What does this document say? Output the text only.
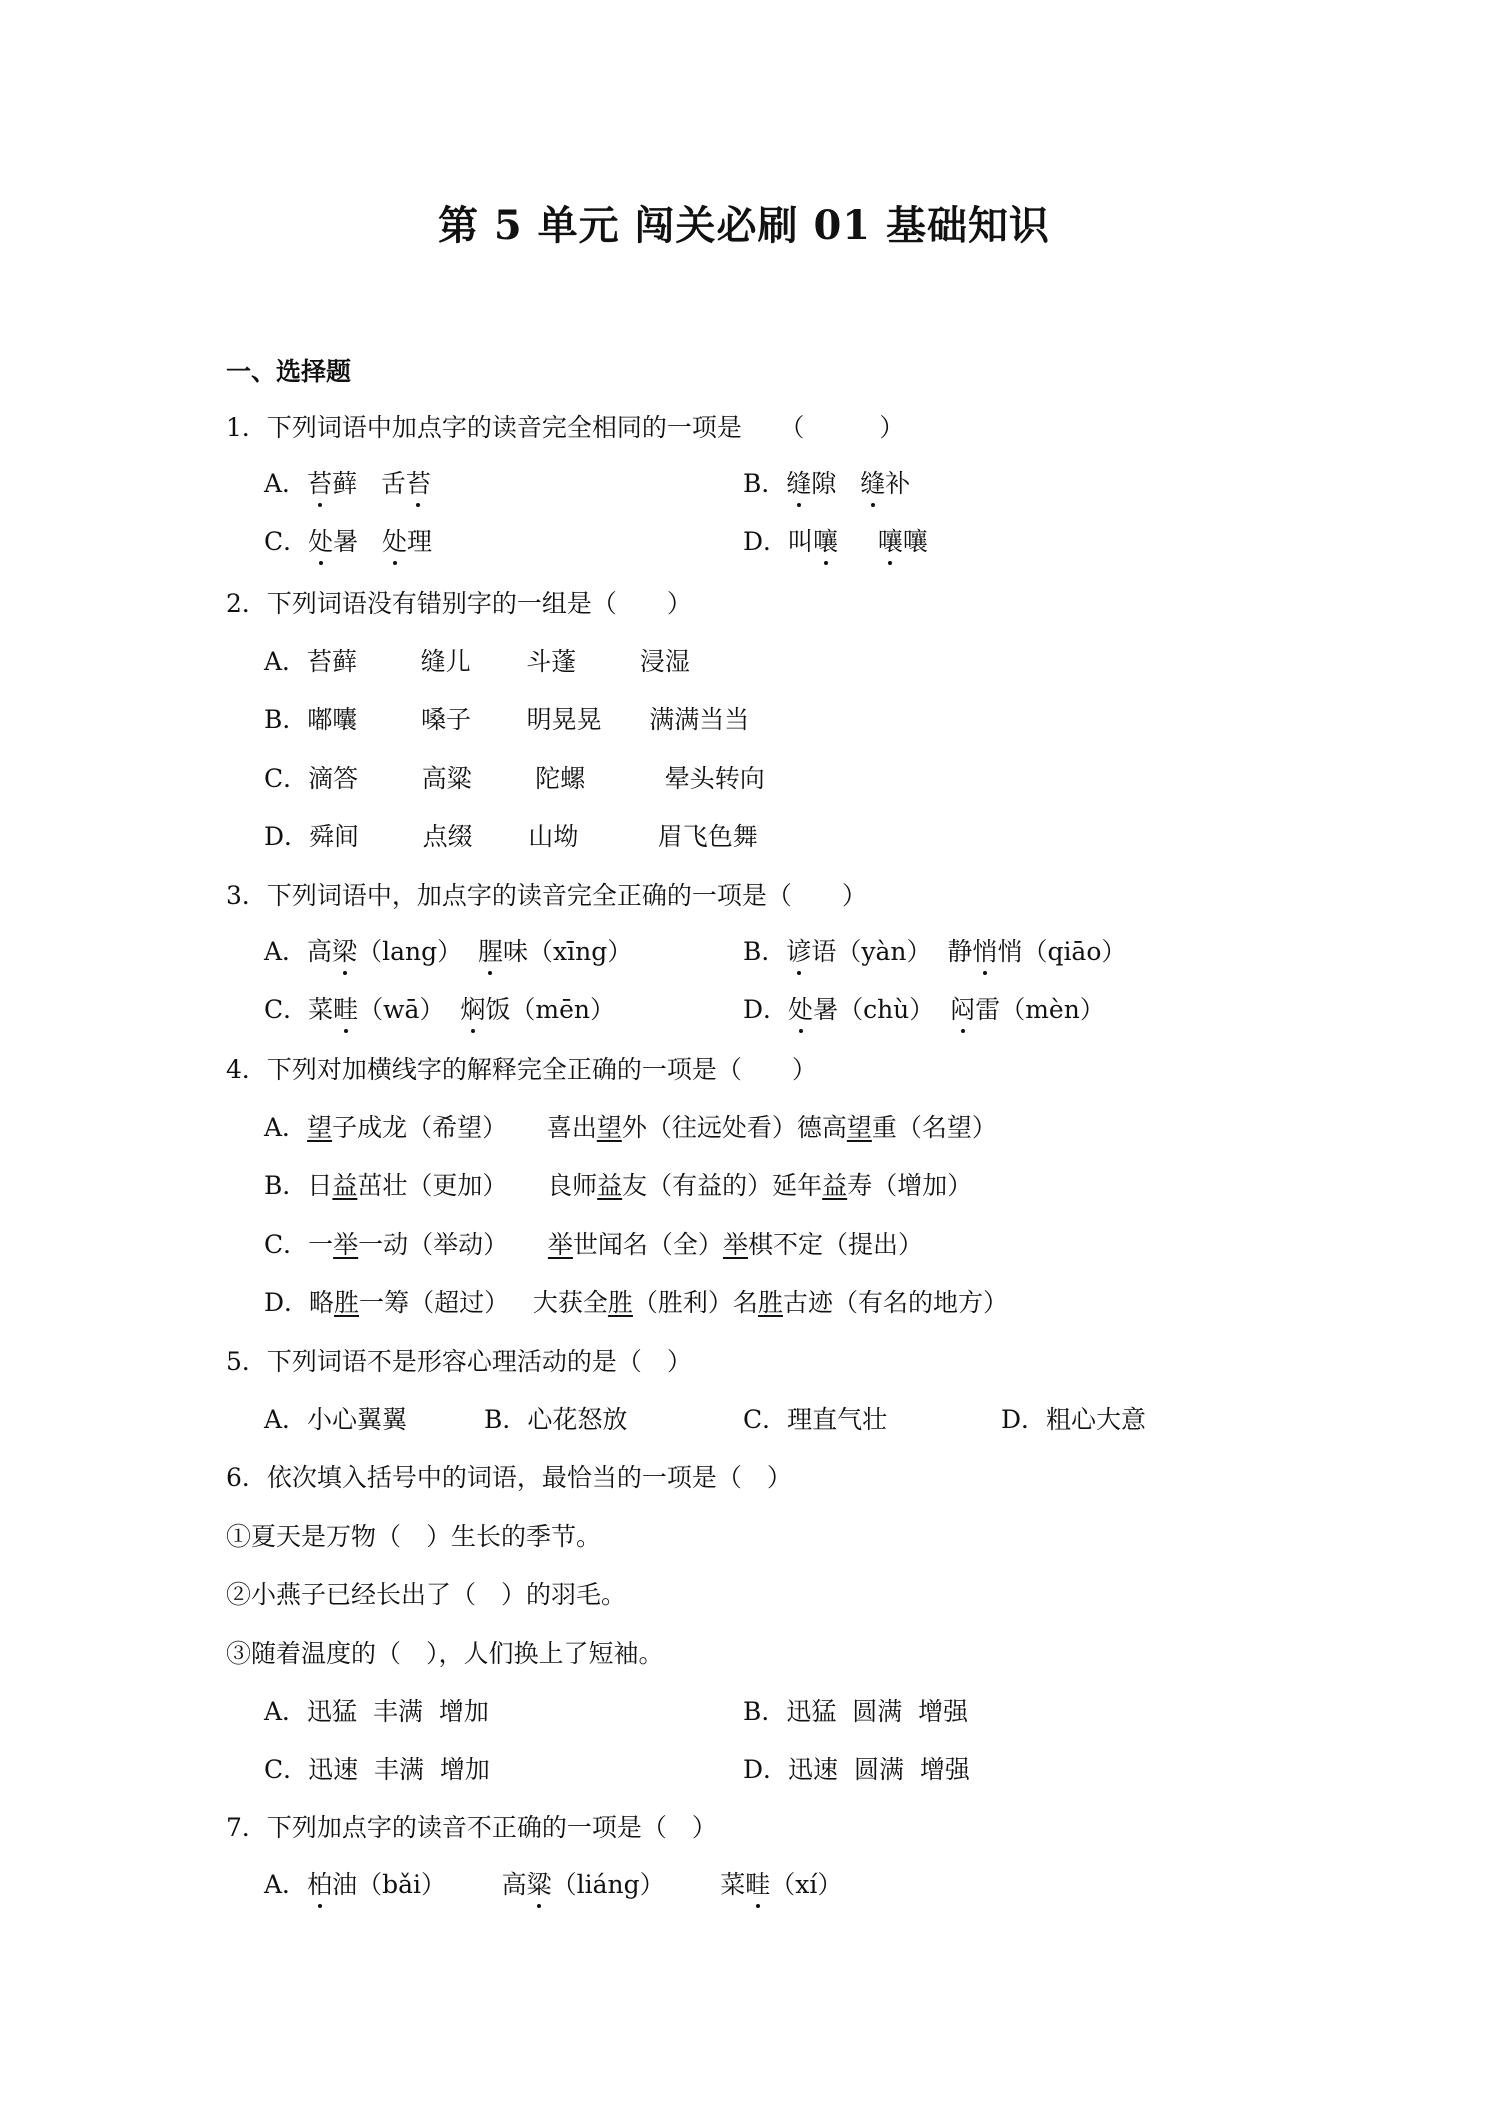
第 5 单元 闯关必刷 01 基础知识
一、选择题
1．下列词语中加点字的读音完全相同的一项是　　（　　　）
A．苔藓   舌苔	B．缝隙   缝补
C．处暑   处理	D．叫嚷 嚷嚷
2．下列词语没有错别字的一组是（　　）
A．苔藓        缝儿       斗蓬        浸湿
B．嘟囔        嗓子       明晃晃      满满当当
C．滴答        高粱        陀螺          晕头转向
D．舜间        点缀       山坳          眉飞色舞
3．下列词语中，加点字的读音完全正确的一项是（　　）
A．高梁（lang）  腥味（xīng）	B．谚语（yàn）  静悄悄（qiāo）
C．菜畦（wā）  焖饭（mēn）	D．处暑（chù）  闷雷（mèn）
4．下列对加横线字的解释完全正确的一项是（　　）
A．望子成龙（希望）     喜出望外（往远处看）德高望重（名望）
B．日益茁壮（更加）     良师益友（有益的）延年益寿（增加）
C．一举一动（举动）     举世闻名（全）举棋不定（提出）
D．略胜一筹（超过）   大获全胜（胜利）名胜古迹（有名的地方）
5．下列词语不是形容心理活动的是（　）
A．小心翼翼	B．心花怒放	C．理直气壮	D．粗心大意
6．依次填入括号中的词语，最恰当的一项是（　）
①夏天是万物（　）生长的季节。
②小燕子已经长出了（　）的羽毛。
③随着温度的（　），人们换上了短袖。
A．迅猛  丰满  增加	B．迅猛  圆满  增强
C．迅速  丰满  增加	D．迅速  圆满  增强
7．下列加点字的读音不正确的一项是（　）
A．柏油（bǎi）       高粱（liáng）       菜畦（xí）
